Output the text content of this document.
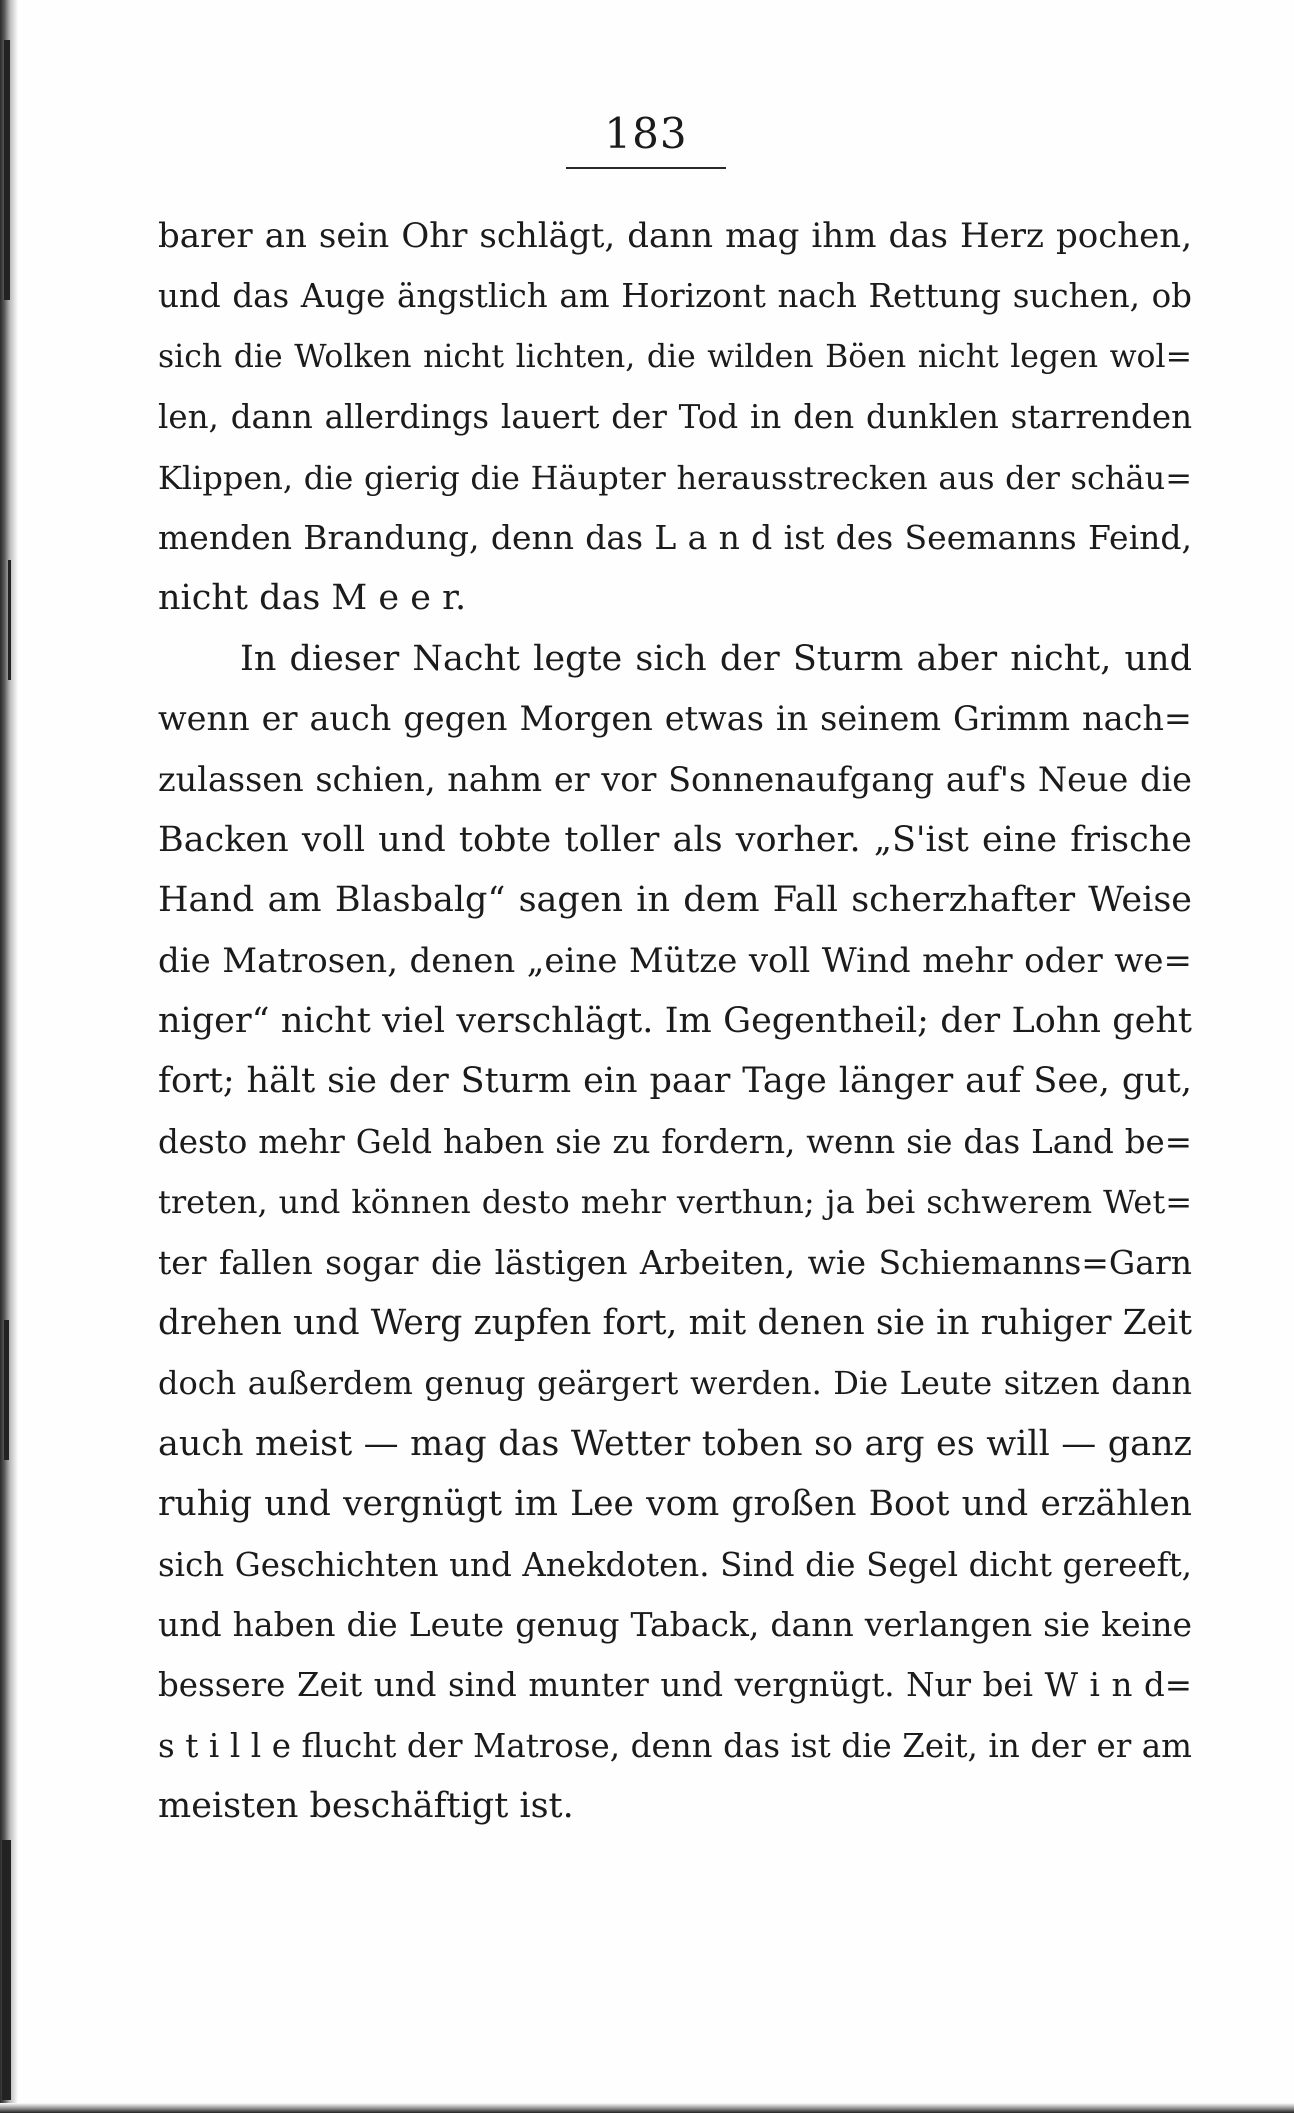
183
barer an sein Ohr schlägt, dann mag ihm das Herz pochen,
und das Auge ängstlich am Horizont nach Rettung suchen, ob
sich die Wolken nicht lichten, die wilden Böen nicht legen wol=
len, dann allerdings lauert der Tod in den dunklen starrenden
Klippen, die gierig die Häupter herausstrecken aus der schäu=
menden Brandung, denn das L a n d ist des Seemanns Feind,
nicht das M e e r.
In dieser Nacht legte sich der Sturm aber nicht, und
wenn er auch gegen Morgen etwas in seinem Grimm nach=
zulassen schien, nahm er vor Sonnenaufgang auf's Neue die
Backen voll und tobte toller als vorher. „S'ist eine frische
Hand am Blasbalg“ sagen in dem Fall scherzhafter Weise
die Matrosen, denen „eine Mütze voll Wind mehr oder we=
niger“ nicht viel verschlägt. Im Gegentheil; der Lohn geht
fort; hält sie der Sturm ein paar Tage länger auf See, gut,
desto mehr Geld haben sie zu fordern, wenn sie das Land be=
treten, und können desto mehr verthun; ja bei schwerem Wet=
ter fallen sogar die lästigen Arbeiten, wie Schiemanns=Garn
drehen und Werg zupfen fort, mit denen sie in ruhiger Zeit
doch außerdem genug geärgert werden. Die Leute sitzen dann
auch meist — mag das Wetter toben so arg es will — ganz
ruhig und vergnügt im Lee vom großen Boot und erzählen
sich Geschichten und Anekdoten. Sind die Segel dicht gereeft,
und haben die Leute genug Taback, dann verlangen sie keine
bessere Zeit und sind munter und vergnügt. Nur bei W i n d=
s t i l l e flucht der Matrose, denn das ist die Zeit, in der er am
meisten beschäftigt ist.
